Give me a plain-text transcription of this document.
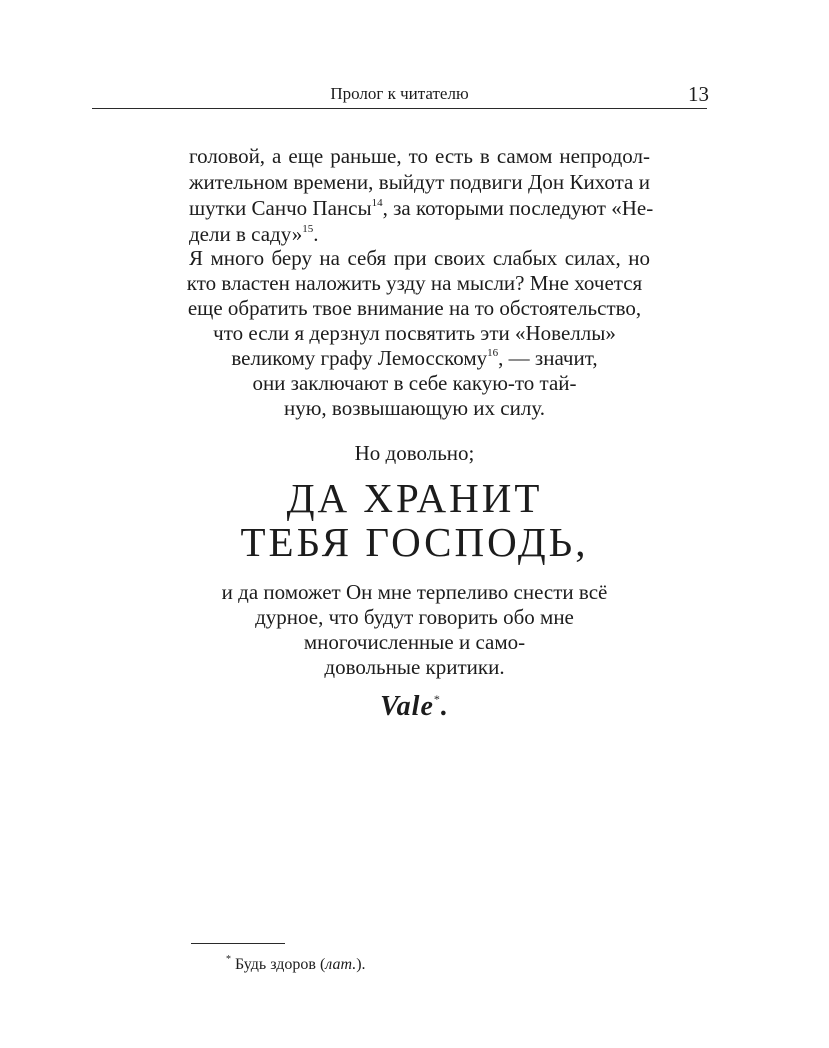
Пролог к читателю	13
головой, а еще раньше, то есть в самом непродол-
жительном времени, выйдут подвиги Дон Кихота и
шутки Санчо Пансы$^{14}$, за которыми последуют «Не-
дели в саду»$^{15}$.
Я много беру на себя при своих слабых силах, но
кто властен наложить узду на мысли? Мне хочется
еще обратить твое внимание на то обстоятельство,
что если я дерзнул посвятить эти «Новеллы»
великому графу Лемосскому$^{16}$, — значит,
они заключают в себе какую-то тай-
ную, возвышающую их силу.
Но довольно;
ДА ХРАНИТ
ТЕБЯ ГОСПОДЬ,
и да поможет Он мне терпеливо снести всё
дурное, что будут говорить обо мне
многочисленные и само-
довольные критики.
Vale*.
* Будь здоров (лат.).
